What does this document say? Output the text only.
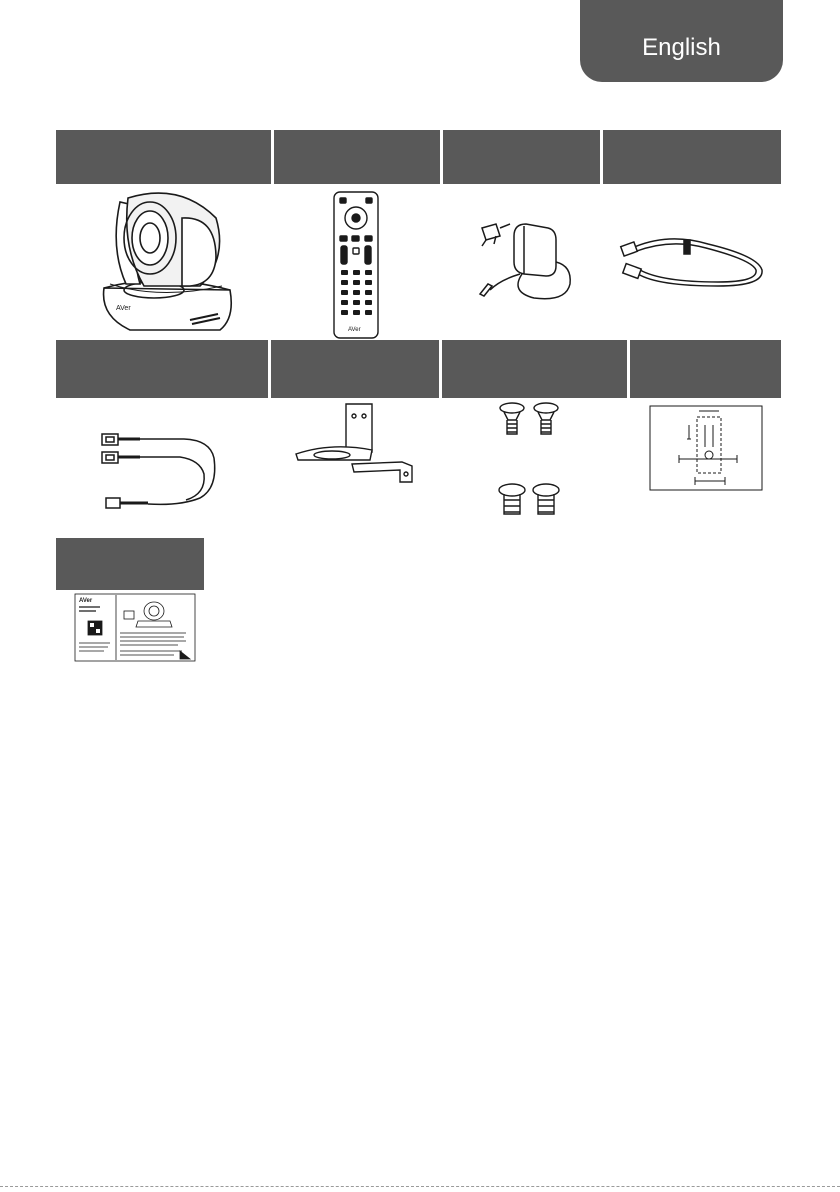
English
AVer
AVer
AVer
